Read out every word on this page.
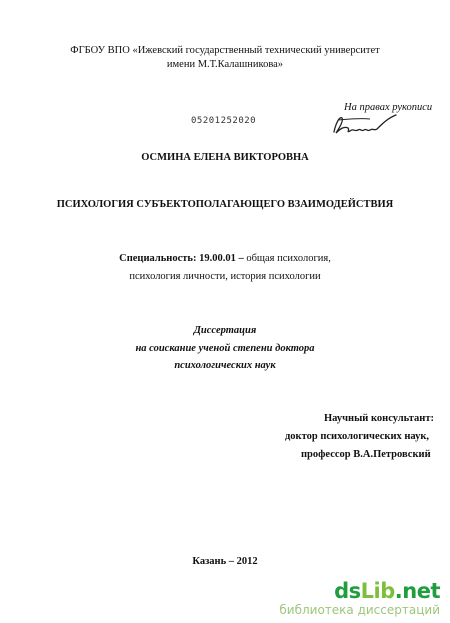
ФГБОУ ВПО «Ижевский государственный технический университет
имени М.Т.Калашникова»
На правах рукописи
05201252020
ОСМИНА ЕЛЕНА ВИКТОРОВНА
ПСИХОЛОГИЯ СУБЪЕКТОПОЛАГАЮЩЕГО ВЗАИМОДЕЙСТВИЯ
Специальность: 19.00.01 – общая психология,
психология личности, история психологии
Диссертация
на соискание ученой степени доктора
психологических наук
Научный консультант:
доктор психологических наук,
профессор В.А.Петровский
Казань – 2012
dsLib.net
библиотека диссертаций
